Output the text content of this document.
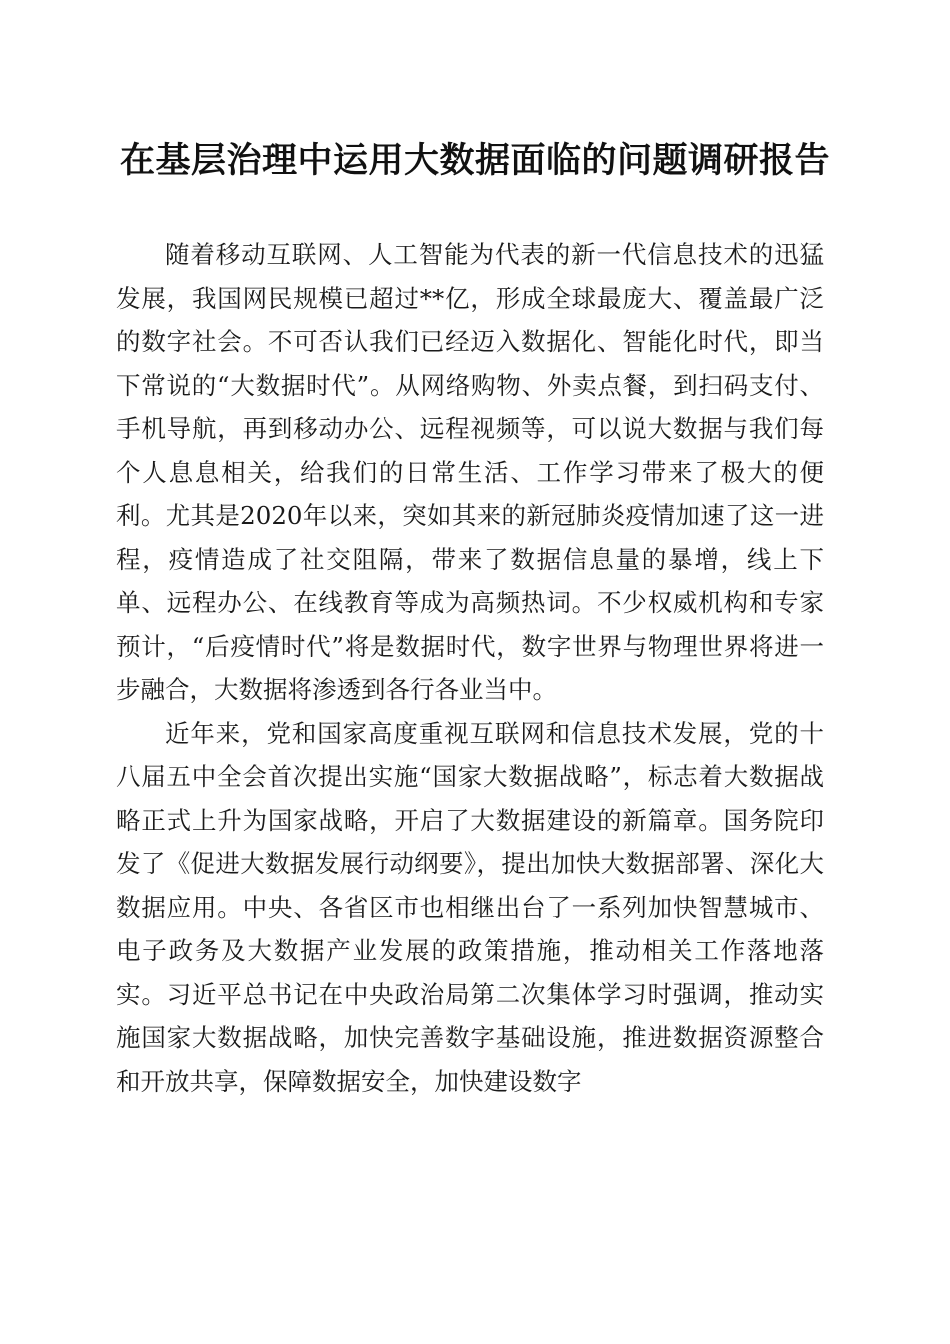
在基层治理中运用大数据面临的问题调研报告

随着移动互联网、人工智能为代表的新一代信息技术的迅猛发展，我国网民规模已超过**亿，形成全球最庞大、覆盖最广泛的数字社会。不可否认我们已经迈入数据化、智能化时代，即当下常说的“大数据时代”。从网络购物、外卖点餐，到扫码支付、手机导航，再到移动办公、远程视频等，可以说大数据与我们每个人息息相关，给我们的日常生活、工作学习带来了极大的便利。尤其是2020年以来，突如其来的新冠肺炎疫情加速了这一进程，疫情造成了社交阻隔，带来了数据信息量的暴增，线上下单、远程办公、在线教育等成为高频热词。不少权威机构和专家预计，“后疫情时代”将是数据时代，数字世界与物理世界将进一步融合，大数据将渗透到各行各业当中。

近年来，党和国家高度重视互联网和信息技术发展，党的十八届五中全会首次提出实施“国家大数据战略”，标志着大数据战略正式上升为国家战略，开启了大数据建设的新篇章。国务院印发了《促进大数据发展行动纲要》，提出加快大数据部署、深化大数据应用。中央、各省区市也相继出台了一系列加快智慧城市、电子政务及大数据产业发展的政策措施，推动相关工作落地落实。习近平总书记在中央政治局第二次集体学习时强调，推动实施国家大数据战略，加快完善数字基础设施，推进数据资源整合和开放共享，保障数据安全，加快建设数字
